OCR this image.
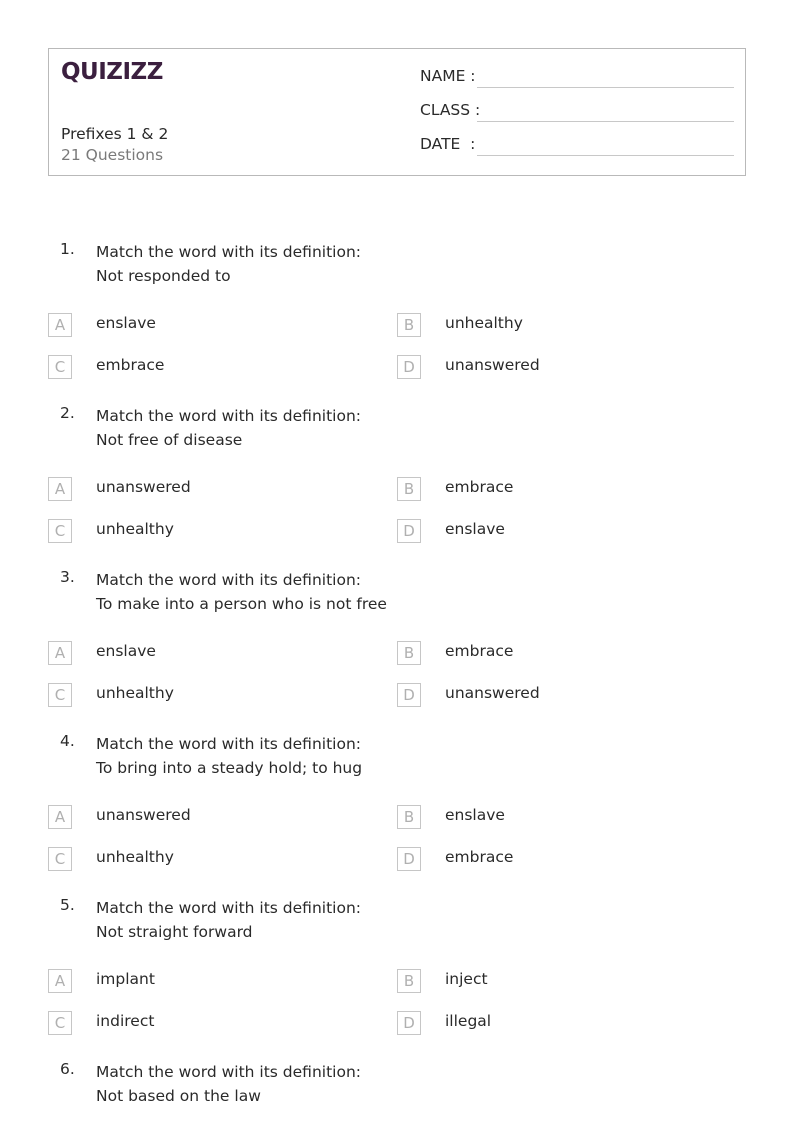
QUIZIZZ
Prefixes 1 & 2
21 Questions
NAME :
CLASS :
DATE  :
1. Match the word with its definition:
Not responded to
A	enslave	B	unhealthy
C	embrace	D	unanswered
2. Match the word with its definition:
Not free of disease
A	unanswered	B	embrace
C	unhealthy	D	enslave
3. Match the word with its definition:
To make into a person who is not free
A	enslave	B	embrace
C	unhealthy	D	unanswered
4. Match the word with its definition:
To bring into a steady hold; to hug
A	unanswered	B	enslave
C	unhealthy	D	embrace
5. Match the word with its definition:
Not straight forward
A	implant	B	inject
C	indirect	D	illegal
6. Match the word with its definition:
Not based on the law
